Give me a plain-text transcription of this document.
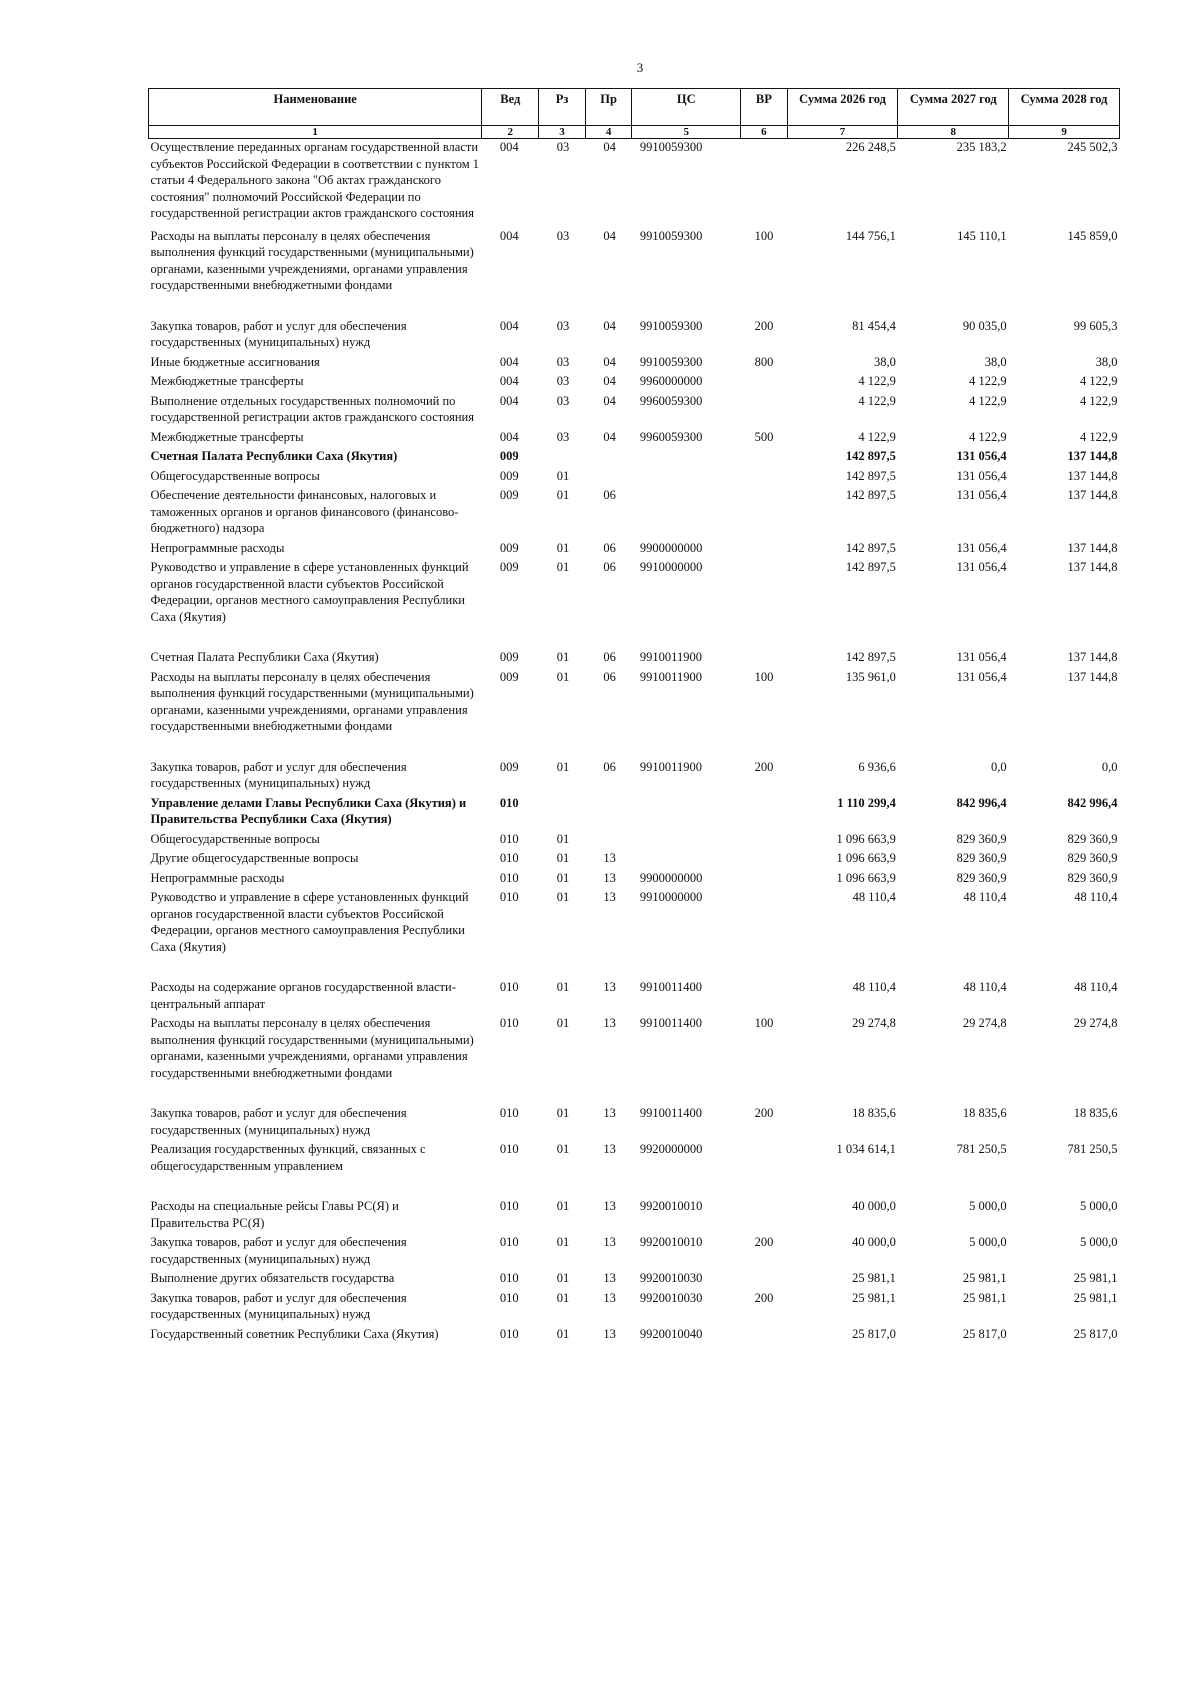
3
Наименование	Вед	Рз	Пр	ЦС	ВР	Сумма 2026 год	Сумма 2027 год	Сумма 2028 год
1	2	3	4	5	6	7	8	9
Осуществление переданных органам государственной власти субъектов Российской Федерации в соответствии с пунктом 1 статьи 4 Федерального закона "Об актах гражданского состояния" полномочий Российской Федерации по государственной регистрации актов гражданского состояния	004	03	04	9910059300		226 248,5	235 183,2	245 502,3
Расходы на выплаты персоналу в целях обеспечения выполнения функций государственными (муниципальными) органами, казенными учреждениями, органами управления государственными внебюджетными фондами	004	03	04	9910059300	100	144 756,1	145 110,1	145 859,0
Закупка товаров, работ и услуг для обеспечения государственных (муниципальных) нужд	004	03	04	9910059300	200	81 454,4	90 035,0	99 605,3
Иные бюджетные ассигнования	004	03	04	9910059300	800	38,0	38,0	38,0
Межбюджетные трансферты	004	03	04	9960000000		4 122,9	4 122,9	4 122,9
Выполнение отдельных государственных полномочий по государственной регистрации актов гражданского состояния	004	03	04	9960059300		4 122,9	4 122,9	4 122,9
Межбюджетные трансферты	004	03	04	9960059300	500	4 122,9	4 122,9	4 122,9
Счетная Палата Республики Саха (Якутия)	009					142 897,5	131 056,4	137 144,8
Общегосударственные вопросы	009	01				142 897,5	131 056,4	137 144,8
Обеспечение деятельности финансовых, налоговых и таможенных органов и органов финансового (финансово-бюджетного) надзора	009	01	06			142 897,5	131 056,4	137 144,8
Непрограммные расходы	009	01	06	9900000000		142 897,5	131 056,4	137 144,8
Руководство и управление в сфере установленных функций органов государственной власти субъектов Российской Федерации, органов местного самоуправления Республики Саха (Якутия)	009	01	06	9910000000		142 897,5	131 056,4	137 144,8
Счетная Палата Республики Саха (Якутия)	009	01	06	9910011900		142 897,5	131 056,4	137 144,8
Расходы на выплаты персоналу в целях обеспечения выполнения функций государственными (муниципальными) органами, казенными учреждениями, органами управления государственными внебюджетными фондами	009	01	06	9910011900	100	135 961,0	131 056,4	137 144,8
Закупка товаров, работ и услуг для обеспечения государственных (муниципальных) нужд	009	01	06	9910011900	200	6 936,6	0,0	0,0
Управление делами Главы Республики Саха (Якутия) и Правительства Республики Саха (Якутия)	010					1 110 299,4	842 996,4	842 996,4
Общегосударственные вопросы	010	01				1 096 663,9	829 360,9	829 360,9
Другие общегосударственные вопросы	010	01	13			1 096 663,9	829 360,9	829 360,9
Непрограммные расходы	010	01	13	9900000000		1 096 663,9	829 360,9	829 360,9
Руководство и управление в сфере установленных функций органов государственной власти субъектов Российской Федерации, органов местного самоуправления Республики Саха (Якутия)	010	01	13	9910000000		48 110,4	48 110,4	48 110,4
Расходы на содержание органов государственной власти- центральный аппарат	010	01	13	9910011400		48 110,4	48 110,4	48 110,4
Расходы на выплаты персоналу в целях обеспечения выполнения функций государственными (муниципальными) органами, казенными учреждениями, органами управления государственными внебюджетными фондами	010	01	13	9910011400	100	29 274,8	29 274,8	29 274,8
Закупка товаров, работ и услуг для обеспечения государственных (муниципальных) нужд	010	01	13	9910011400	200	18 835,6	18 835,6	18 835,6
Реализация государственных функций, связанных с общегосударственным управлением	010	01	13	9920000000		1 034 614,1	781 250,5	781 250,5
Расходы на специальные рейсы Главы РС(Я) и Правительства РС(Я)	010	01	13	9920010010		40 000,0	5 000,0	5 000,0
Закупка товаров, работ и услуг для обеспечения государственных (муниципальных) нужд	010	01	13	9920010010	200	40 000,0	5 000,0	5 000,0
Выполнение других обязательств государства	010	01	13	9920010030		25 981,1	25 981,1	25 981,1
Закупка товаров, работ и услуг для обеспечения государственных (муниципальных) нужд	010	01	13	9920010030	200	25 981,1	25 981,1	25 981,1
Государственный советник Республики Саха (Якутия)	010	01	13	9920010040		25 817,0	25 817,0	25 817,0
